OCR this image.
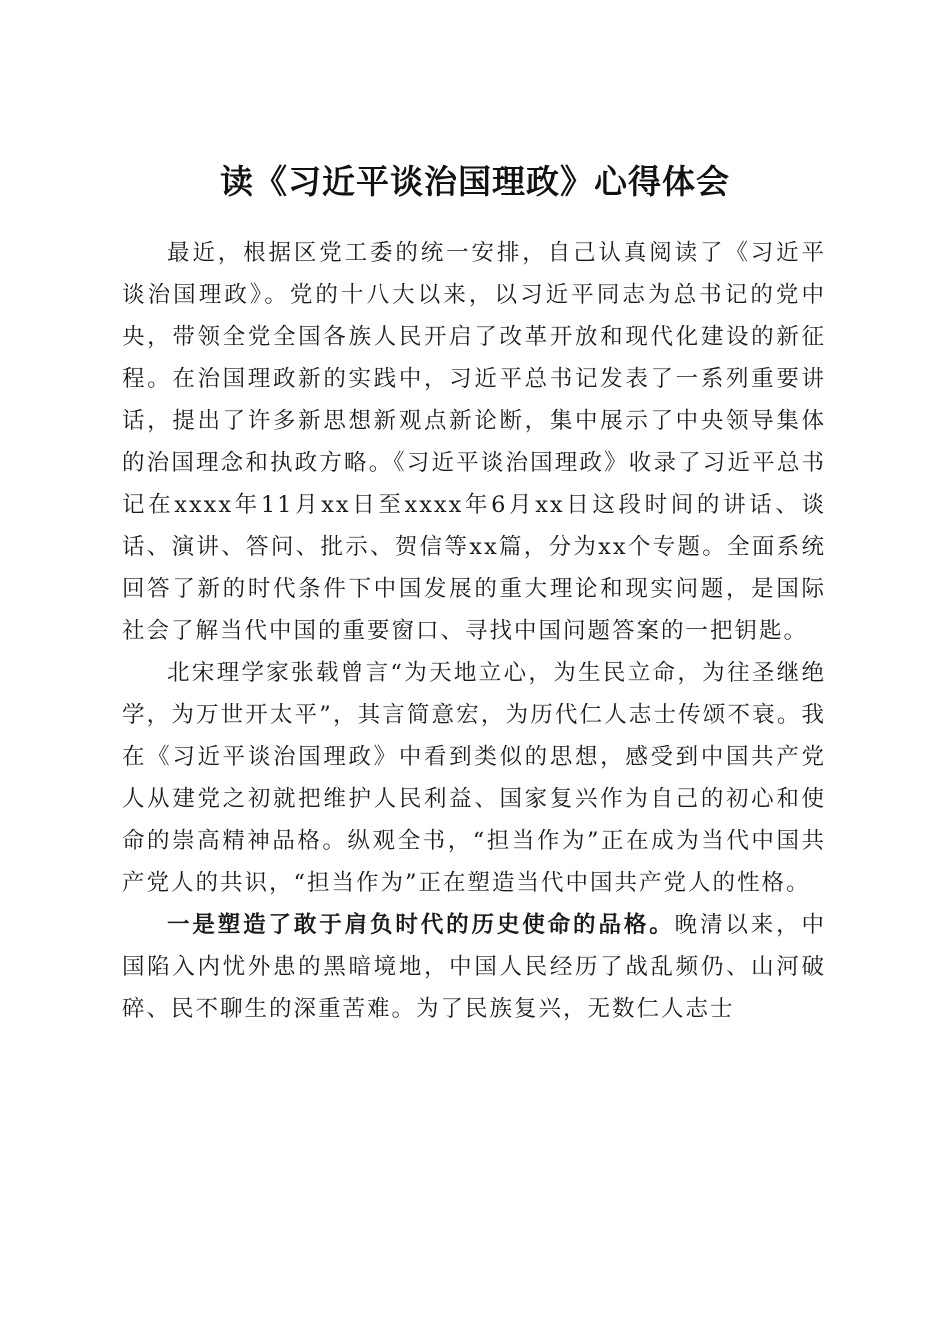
读《习近平谈治国理政》心得体会

最近，根据区党工委的统一安排，自己认真阅读了《习近平谈治国理政》。党的十八大以来，以习近平同志为总书记的党中央，带领全党全国各族人民开启了改革开放和现代化建设的新征程。在治国理政新的实践中，习近平总书记发表了一系列重要讲话，提出了许多新思想新观点新论断，集中展示了中央领导集体的治国理念和执政方略。《习近平谈治国理政》收录了习近平总书记在xxxx年11月xx日至xxxx年6月xx日这段时间的讲话、谈话、演讲、答问、批示、贺信等xx篇，分为xx个专题。全面系统回答了新的时代条件下中国发展的重大理论和现实问题，是国际社会了解当代中国的重要窗口、寻找中国问题答案的一把钥匙。

北宋理学家张载曾言“为天地立心，为生民立命，为往圣继绝学，为万世开太平”，其言简意宏，为历代仁人志士传颂不衰。我在《习近平谈治国理政》中看到类似的思想，感受到中国共产党人从建党之初就把维护人民利益、国家复兴作为自己的初心和使命的崇高精神品格。纵观全书，“担当作为”正在成为当代中国共产党人的共识，“担当作为”正在塑造当代中国共产党人的性格。

一是塑造了敢于肩负时代的历史使命的品格。晚清以来，中国陷入内忧外患的黑暗境地，中国人民经历了战乱频仍、山河破碎、民不聊生的深重苦难。为了民族复兴，无数仁人志士
